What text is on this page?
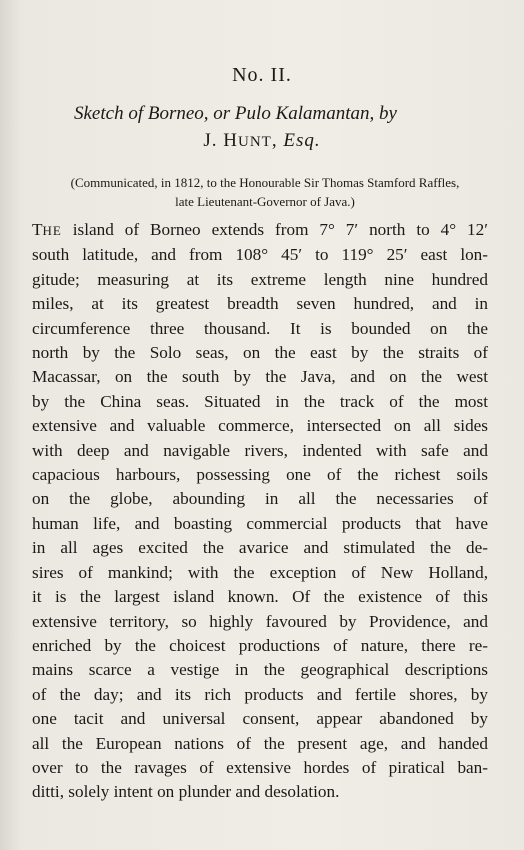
No. II.
Sketch of Borneo, or Pulo Kalamantan, by
J. HUNT, Esq.
(Communicated, in 1812, to the Honourable Sir Thomas Stamford Raffles,
late Lieutenant-Governor of Java.)
THE island of Borneo extends from 7° 7′ north to 4° 12′
south latitude, and from 108° 45′ to 119° 25′ east lon-
gitude; measuring at its extreme length nine hundred
miles, at its greatest breadth seven hundred, and in
circumference three thousand. It is bounded on the
north by the Solo seas, on the east by the straits of
Macassar, on the south by the Java, and on the west
by the China seas. Situated in the track of the most
extensive and valuable commerce, intersected on all sides
with deep and navigable rivers, indented with safe and
capacious harbours, possessing one of the richest soils
on the globe, abounding in all the necessaries of
human life, and boasting commercial products that have
in all ages excited the avarice and stimulated the de-
sires of mankind; with the exception of New Holland,
it is the largest island known. Of the existence of this
extensive territory, so highly favoured by Providence, and
enriched by the choicest productions of nature, there re-
mains scarce a vestige in the geographical descriptions
of the day; and its rich products and fertile shores, by
one tacit and universal consent, appear abandoned by
all the European nations of the present age, and handed
over to the ravages of extensive hordes of piratical ban-
ditti, solely intent on plunder and desolation.
